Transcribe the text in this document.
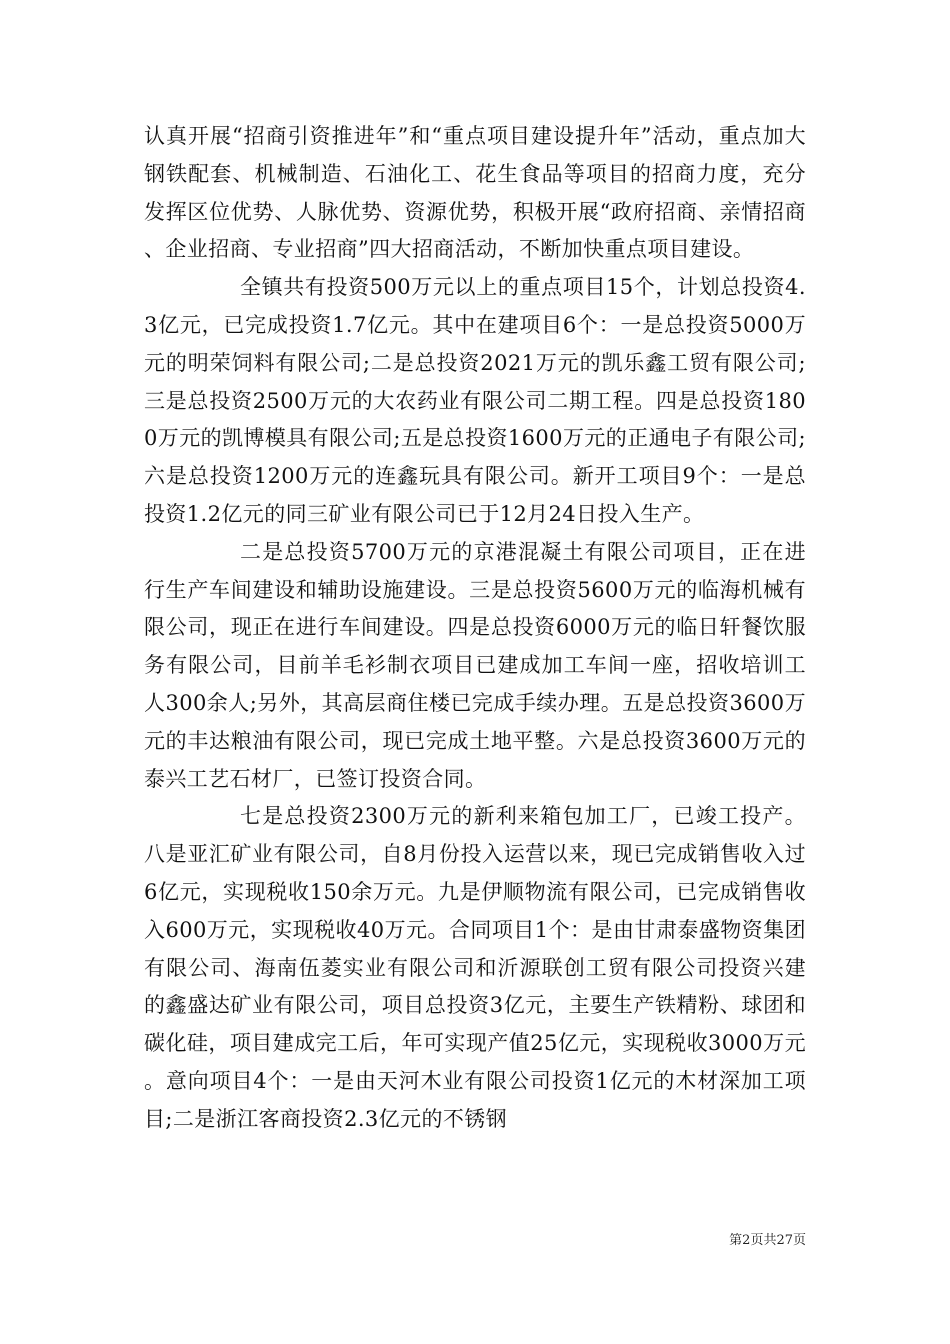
认真开展“招商引资推进年”和“重点项目建设提升年”活动，重点加大钢铁配套、机械制造、石油化工、花生食品等项目的招商力度，充分发挥区位优势、人脉优势、资源优势，积极开展“政府招商、亲情招商、企业招商、专业招商”四大招商活动，不断加快重点项目建设。

全镇共有投资500万元以上的重点项目15个，计划总投资4.3亿元，已完成投资1.7亿元。其中在建项目6个：一是总投资5000万元的明荣饲料有限公司;二是总投资2021万元的凯乐鑫工贸有限公司;三是总投资2500万元的大农药业有限公司二期工程。四是总投资1800万元的凯博模具有限公司;五是总投资1600万元的正通电子有限公司;六是总投资1200万元的连鑫玩具有限公司。新开工项目9个：一是总投资1.2亿元的同三矿业有限公司已于12月24日投入生产。

二是总投资5700万元的京港混凝土有限公司项目，正在进行生产车间建设和辅助设施建设。三是总投资5600万元的临海机械有限公司，现正在进行车间建设。四是总投资6000万元的临日轩餐饮服务有限公司，目前羊毛衫制衣项目已建成加工车间一座，招收培训工人300余人;另外，其高层商住楼已完成手续办理。五是总投资3600万元的丰达粮油有限公司，现已完成土地平整。六是总投资3600万元的泰兴工艺石材厂，已签订投资合同。

七是总投资2300万元的新利来箱包加工厂，已竣工投产。八是亚汇矿业有限公司，自8月份投入运营以来，现已完成销售收入过6亿元，实现税收150余万元。九是伊顺物流有限公司，已完成销售收入600万元，实现税收40万元。合同项目1个：是由甘肃泰盛物资集团有限公司、海南伍菱实业有限公司和沂源联创工贸有限公司投资兴建的鑫盛达矿业有限公司，项目总投资3亿元，主要生产铁精粉、球团和碳化硅，项目建成完工后，年可实现产值25亿元，实现税收3000万元。意向项目4个：一是由天河木业有限公司投资1亿元的木材深加工项目;二是浙江客商投资2.3亿元的不锈钢

第2页共27页
